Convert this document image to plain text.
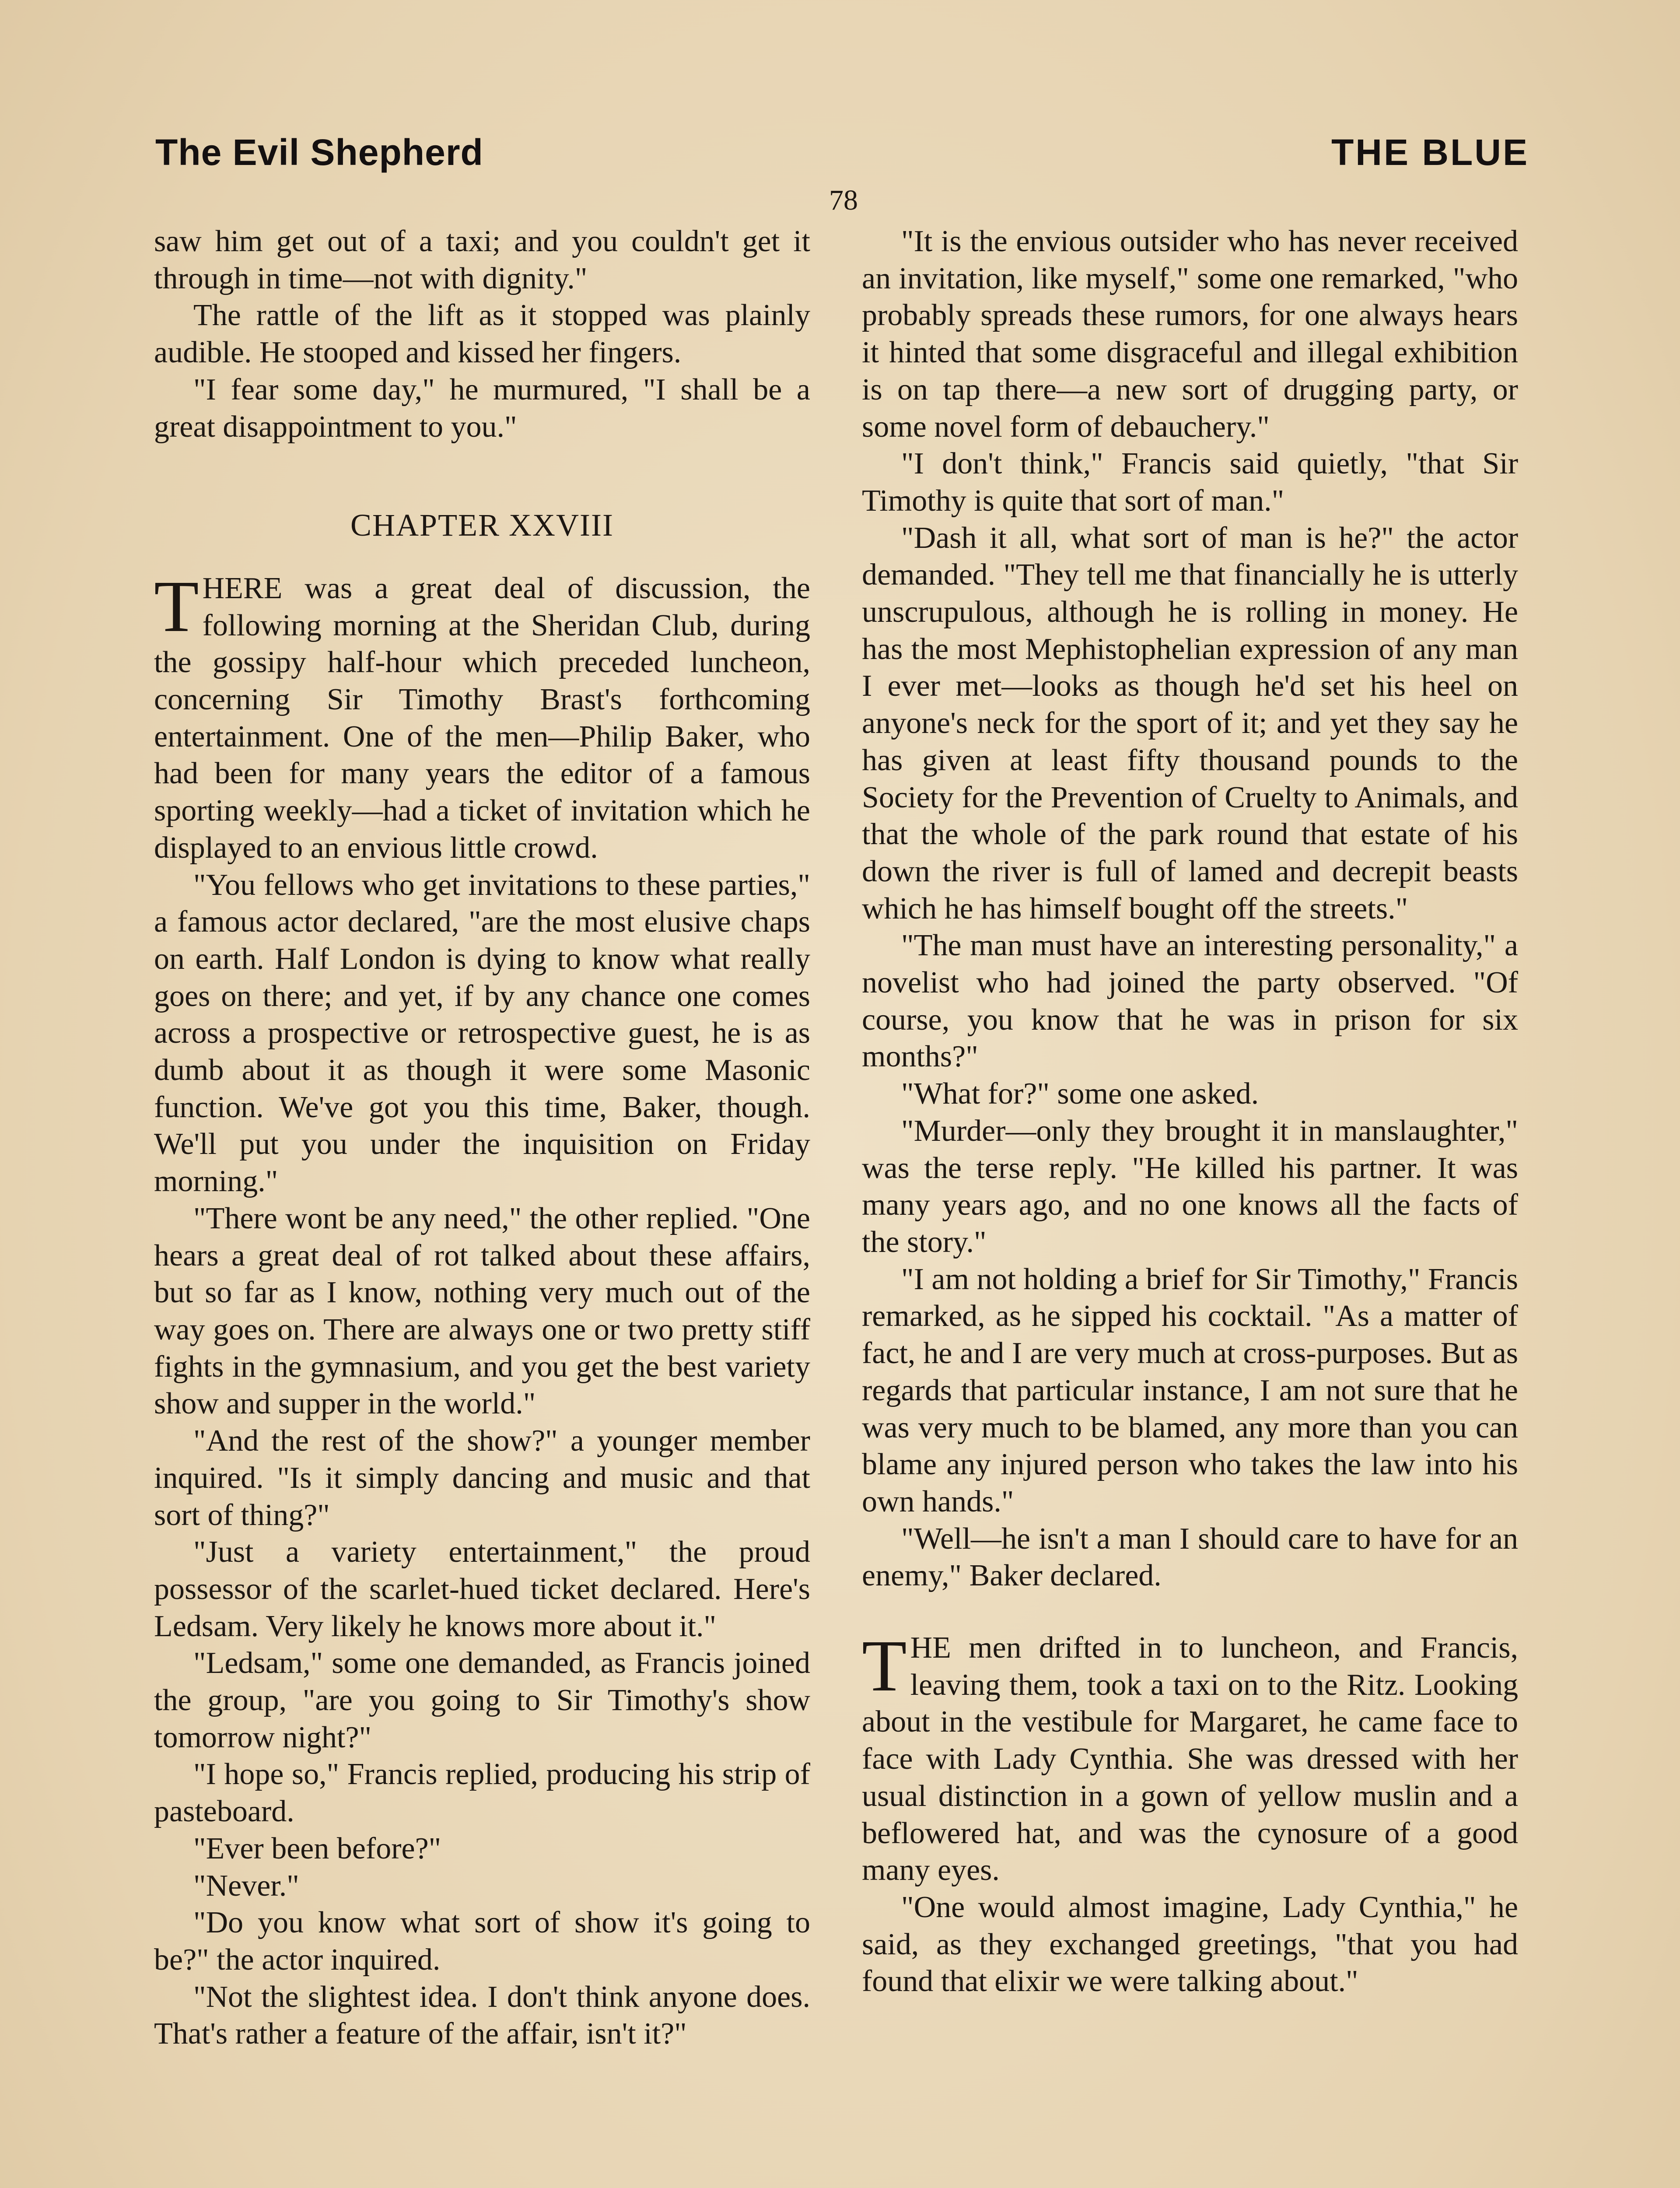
The Evil Shepherd	THE BLUE
78

saw him get out of a taxi; and you couldn't get it through in time—not with dignity."

The rattle of the lift as it stopped was plainly audible. He stooped and kissed her fingers.

"I fear some day," he murmured, "I shall be a great disappointment to you."

CHAPTER XXVIII

THERE was a great deal of discussion, the following morning at the Sheridan Club, during the gossipy half-hour which preceded luncheon, concerning Sir Timothy Brast's forthcoming entertainment. One of the men—Philip Baker, who had been for many years the editor of a famous sporting weekly—had a ticket of invitation which he displayed to an envious little crowd.

"You fellows who get invitations to these parties," a famous actor declared, "are the most elusive chaps on earth. Half London is dying to know what really goes on there; and yet, if by any chance one comes across a prospective or retrospective guest, he is as dumb about it as though it were some Masonic function. We've got you this time, Baker, though. We'll put you under the inquisition on Friday morning."

"There wont be any need," the other replied. "One hears a great deal of rot talked about these affairs, but so far as I know, nothing very much out of the way goes on. There are always one or two pretty stiff fights in the gymnasium, and you get the best variety show and supper in the world."

"And the rest of the show?" a younger member inquired. "Is it simply dancing and music and that sort of thing?"

"Just a variety entertainment," the proud possessor of the scarlet-hued ticket declared. Here's Ledsam. Very likely he knows more about it."

"Ledsam," some one demanded, as Francis joined the group, "are you going to Sir Timothy's show tomorrow night?"

"I hope so," Francis replied, producing his strip of pasteboard.

"Ever been before?"

"Never."

"Do you know what sort of show it's going to be?" the actor inquired.

"Not the slightest idea. I don't think anyone does. That's rather a feature of the affair, isn't it?"

"It is the envious outsider who has never received an invitation, like myself," some one remarked, "who probably spreads these rumors, for one always hears it hinted that some disgraceful and illegal exhibition is on tap there—a new sort of drugging party, or some novel form of debauchery."

"I don't think," Francis said quietly, "that Sir Timothy is quite that sort of man."

"Dash it all, what sort of man is he?" the actor demanded. "They tell me that financially he is utterly unscrupulous, although he is rolling in money. He has the most Mephistophelian expression of any man I ever met—looks as though he'd set his heel on anyone's neck for the sport of it; and yet they say he has given at least fifty thousand pounds to the Society for the Prevention of Cruelty to Animals, and that the whole of the park round that estate of his down the river is full of lamed and decrepit beasts which he has himself bought off the streets."

"The man must have an interesting personality," a novelist who had joined the party observed. "Of course, you know that he was in prison for six months?"

"What for?" some one asked.

"Murder—only they brought it in manslaughter," was the terse reply. "He killed his partner. It was many years ago, and no one knows all the facts of the story."

"I am not holding a brief for Sir Timothy," Francis remarked, as he sipped his cocktail. "As a matter of fact, he and I are very much at cross-purposes. But as regards that particular instance, I am not sure that he was very much to be blamed, any more than you can blame any injured person who takes the law into his own hands."

"Well—he isn't a man I should care to have for an enemy," Baker declared.

THE men drifted in to luncheon, and Francis, leaving them, took a taxi on to the Ritz. Looking about in the vestibule for Margaret, he came face to face with Lady Cynthia. She was dressed with her usual distinction in a gown of yellow muslin and a beflowered hat, and was the cynosure of a good many eyes.

"One would almost imagine, Lady Cynthia," he said, as they exchanged greetings, "that you had found that elixir we were talking about."
